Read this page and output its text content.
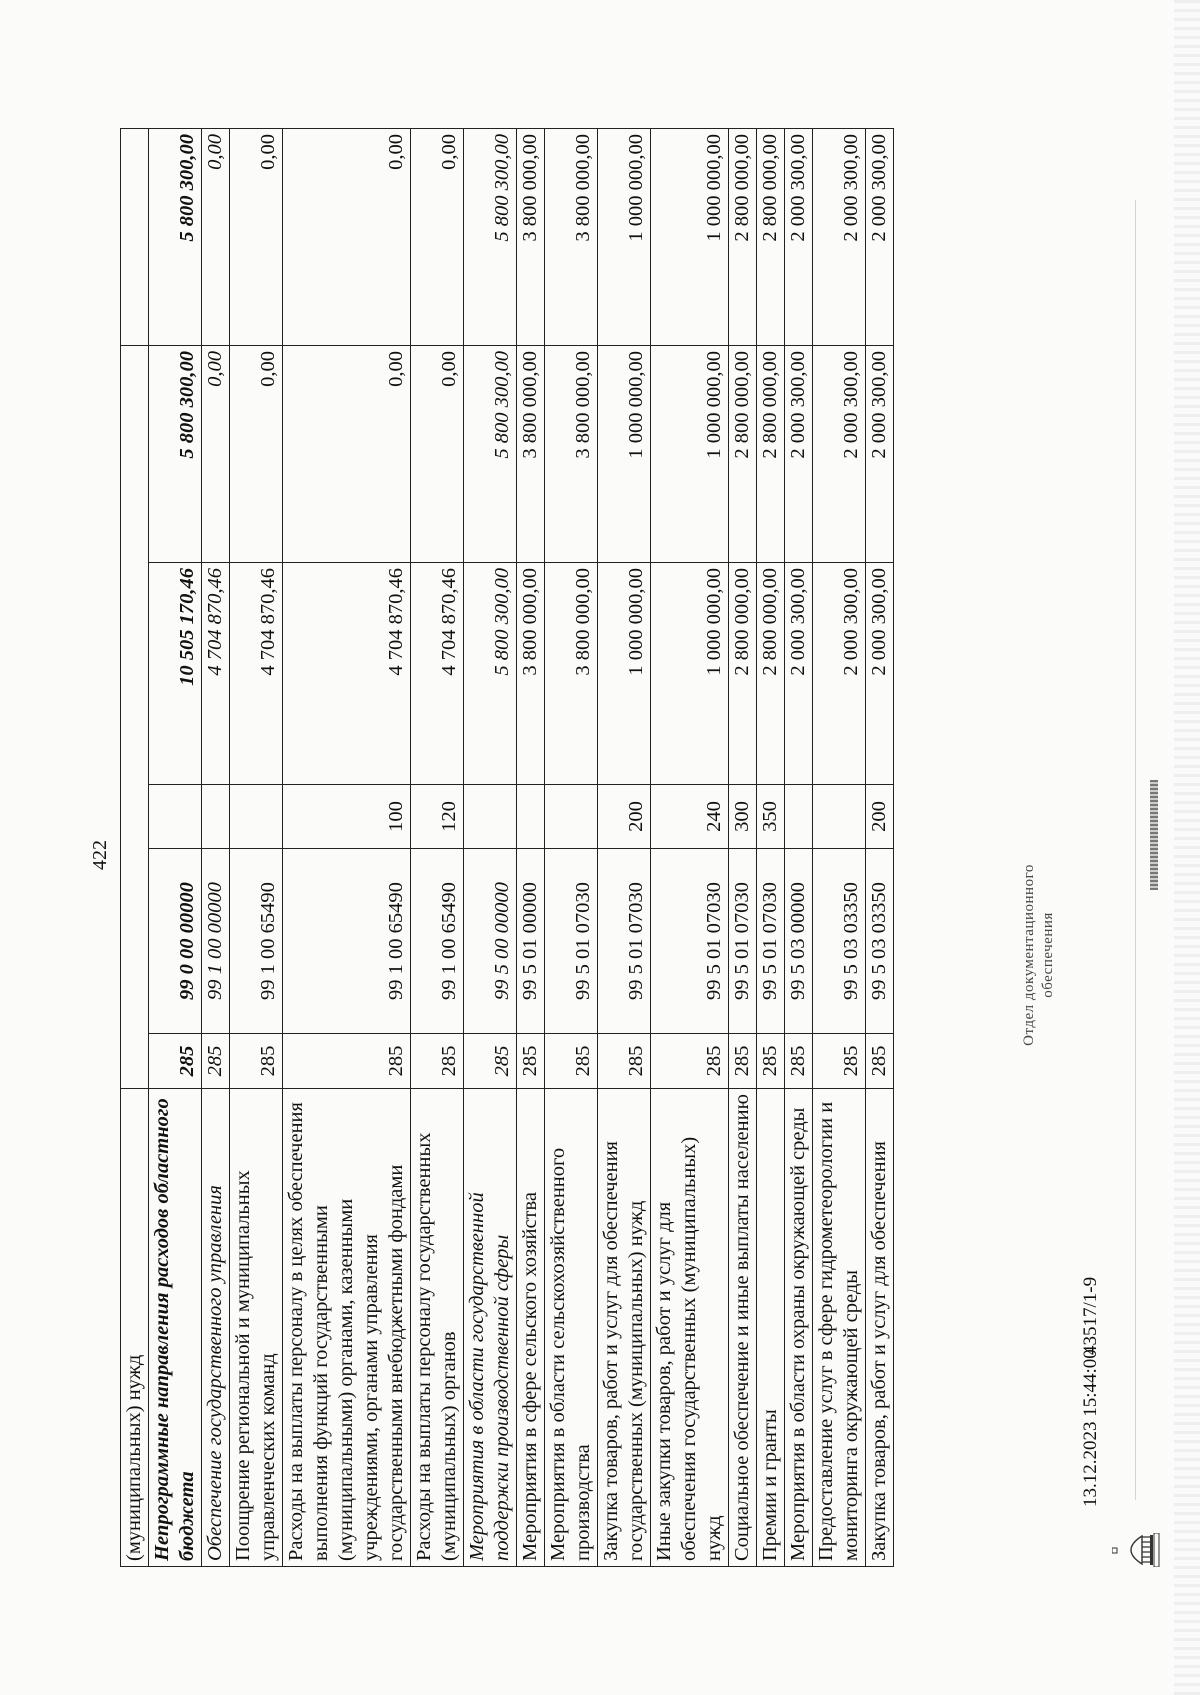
422
(муниципальных) нужд						
Непрограммные направления расходов областного бюджета	285	99 0 00 00000		10 505 170,46	5 800 300,00	5 800 300,00
Обеспечение государственного управления	285	99 1 00 00000		4 704 870,46	0,00	0,00
Поощрение региональной и муниципальных управленческих команд	285	99 1 00 65490		4 704 870,46	0,00	0,00
Расходы на выплаты персоналу в целях обеспечения выполнения функций государственными (муниципальными) органами, казенными учреждениями, органами управления государственными внебюджетными фондами	285	99 1 00 65490	100	4 704 870,46	0,00	0,00
Расходы на выплаты персоналу государственных (муниципальных) органов	285	99 1 00 65490	120	4 704 870,46	0,00	0,00
Мероприятия в области государственной поддержки производственной сферы	285	99 5 00 00000		5 800 300,00	5 800 300,00	5 800 300,00
Мероприятия в сфере сельского хозяйства	285	99 5 01 00000		3 800 000,00	3 800 000,00	3 800 000,00
Мероприятия в области сельскохозяйственного производства	285	99 5 01 07030		3 800 000,00	3 800 000,00	3 800 000,00
Закупка товаров, работ и услуг для обеспечения государственных (муниципальных) нужд	285	99 5 01 07030	200	1 000 000,00	1 000 000,00	1 000 000,00
Иные закупки товаров, работ и услуг для обеспечения государственных (муниципальных) нужд	285	99 5 01 07030	240	1 000 000,00	1 000 000,00	1 000 000,00
Социальное обеспечение и иные выплаты населению	285	99 5 01 07030	300	2 800 000,00	2 800 000,00	2 800 000,00
Премии и гранты	285	99 5 01 07030	350	2 800 000,00	2 800 000,00	2 800 000,00
Мероприятия в области охраны окружающей среды	285	99 5 03 00000		2 000 300,00	2 000 300,00	2 000 300,00
Предоставление услуг в сфере гидрометеорологии и мониторинга окружающей среды	285	99 5 03 03350		2 000 300,00	2 000 300,00	2 000 300,00
Закупка товаров, работ и услуг для обеспечения	285	99 5 03 03350	200	2 000 300,00	2 000 300,00	2 000 300,00
13.12.2023 15:44:00
43517/1-9
Отдел документационного обеспечения
